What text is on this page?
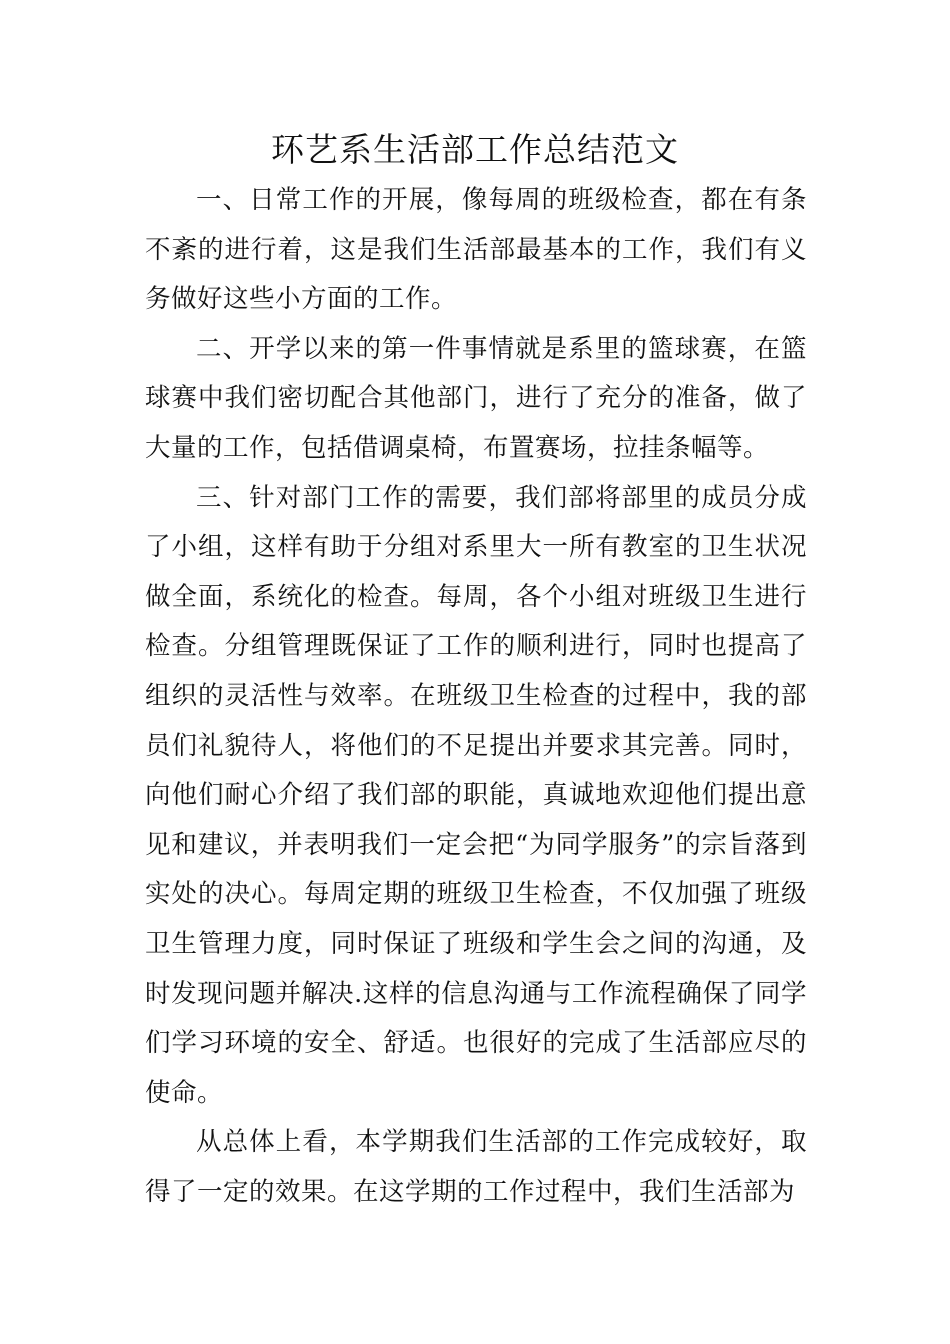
环艺系生活部工作总结范文

一、日常工作的开展，像每周的班级检查，都在有条不紊的进行着，这是我们生活部最基本的工作，我们有义务做好这些小方面的工作。

二、开学以来的第一件事情就是系里的篮球赛，在篮球赛中我们密切配合其他部门，进行了充分的准备，做了大量的工作，包括借调桌椅，布置赛场，拉挂条幅等。

三、针对部门工作的需要，我们部将部里的成员分成了小组，这样有助于分组对系里大一所有教室的卫生状况做全面，系统化的检查。每周，各个小组对班级卫生进行检查。分组管理既保证了工作的顺利进行，同时也提高了组织的灵活性与效率。在班级卫生检查的过程中，我的部员们礼貌待人，将他们的不足提出并要求其完善。同时，向他们耐心介绍了我们部的职能，真诚地欢迎他们提出意见和建议，并表明我们一定会把“为同学服务”的宗旨落到实处的决心。每周定期的班级卫生检查，不仅加强了班级卫生管理力度，同时保证了班级和学生会之间的沟通，及时发现问题并解决.这样的信息沟通与工作流程确保了同学们学习环境的安全、舒适。也很好的完成了生活部应尽的使命。

从总体上看，本学期我们生活部的工作完成较好，取得了一定的效果。在这学期的工作过程中，我们生活部为
